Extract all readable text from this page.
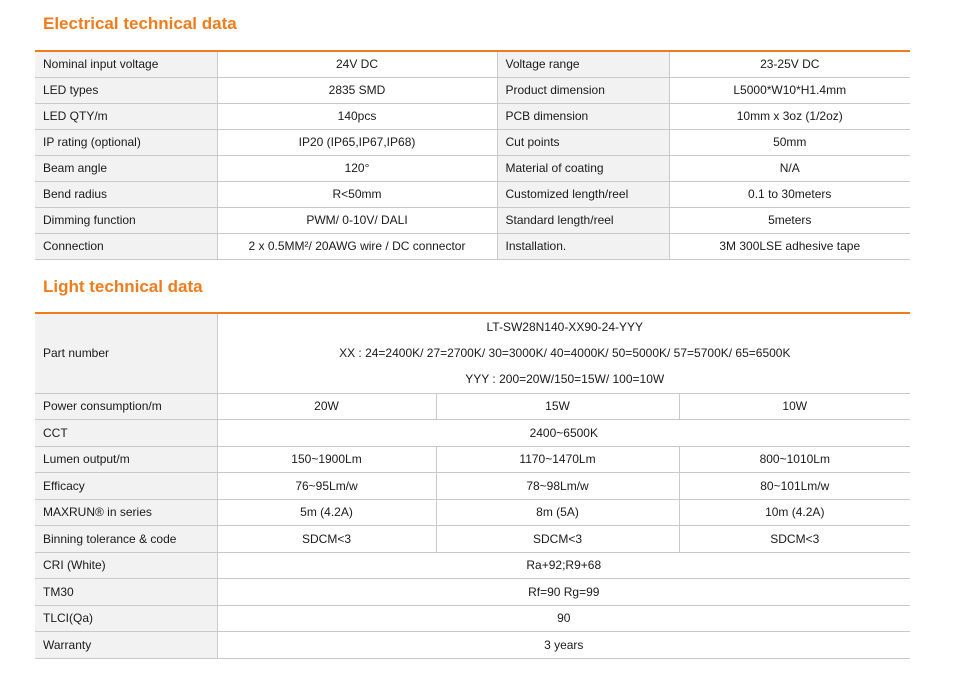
Electrical technical data
Nominal input voltage	24V DC	Voltage range	23-25V DC
LED types	2835 SMD	Product dimension	L5000*W10*H1.4mm
LED QTY/m	140pcs	PCB dimension	10mm x 3oz (1/2oz)
IP rating (optional)	IP20 (IP65,IP67,IP68)	Cut points	50mm
Beam angle	120°	Material of coating	N/A
Bend radius	R<50mm	Customized length/reel	0.1 to 30meters
Dimming function	PWM/ 0-10V/ DALI	Standard length/reel	5meters
Connection	2 x 0.5MM²/ 20AWG wire / DC connector	Installation.	3M 300LSE adhesive tape
Light technical data
Part number	LT-SW28N140-XX90-24-YYY
XX : 24=2400K/ 27=2700K/ 30=3000K/ 40=4000K/ 50=5000K/ 57=5700K/ 65=6500K
YYY : 200=20W/150=15W/ 100=10W		

Power consumption/m	20W	15W	10W
CCT	2400~6500K		
Lumen output/m	150~1900Lm	1170~1470Lm	800~1010Lm
Efficacy	76~95Lm/w	78~98Lm/w	80~101Lm/w
MAXRUN® in series	5m (4.2A)	8m (5A)	10m (4.2A)
Binning tolerance & code	SDCM<3	SDCM<3	SDCM<3
CRI (White)	Ra+92;R9+68		
TM30	Rf=90 Rg=99		
TLCI(Qa)	90		
Warranty	3 years		
